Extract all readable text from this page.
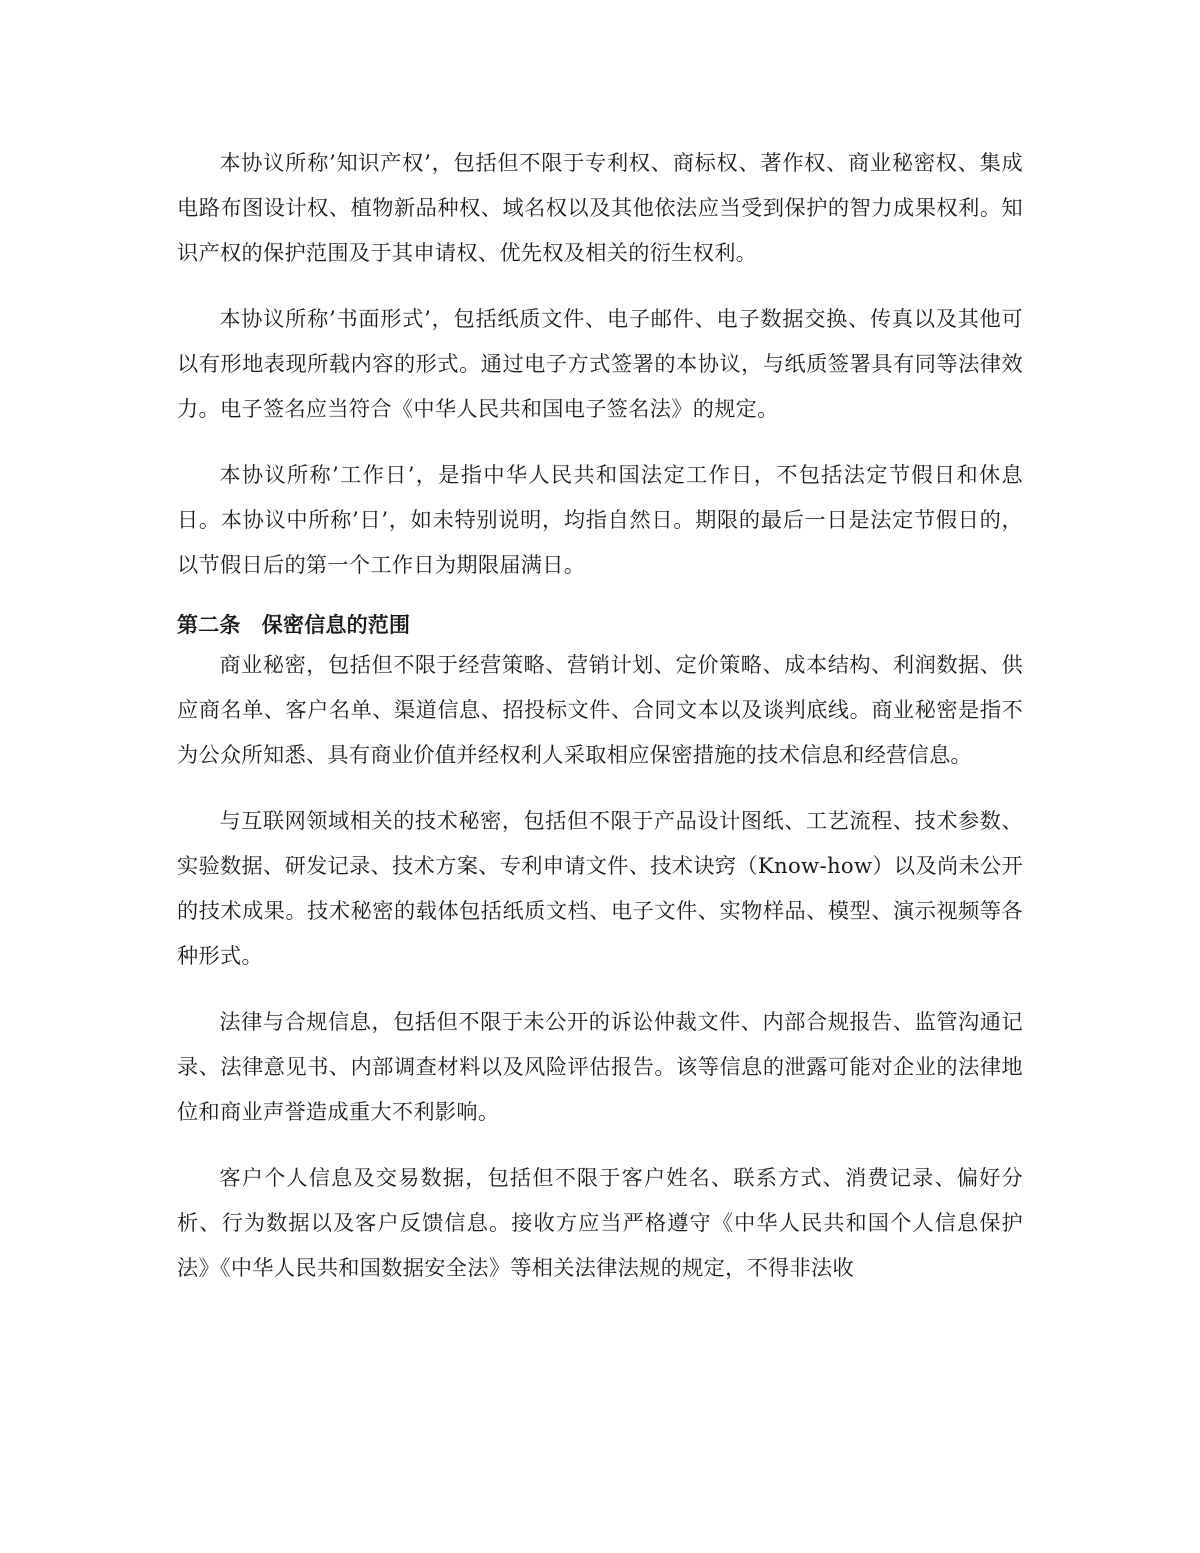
本协议所称’知识产权’，包括但不限于专利权、商标权、著作权、商业秘密权、集成电路布图设计权、植物新品种权、域名权以及其他依法应当受到保护的智力成果权利。知识产权的保护范围及于其申请权、优先权及相关的衍生权利。

本协议所称’书面形式’，包括纸质文件、电子邮件、电子数据交换、传真以及其他可以有形地表现所载内容的形式。通过电子方式签署的本协议，与纸质签署具有同等法律效力。电子签名应当符合《中华人民共和国电子签名法》的规定。

本协议所称’工作日’，是指中华人民共和国法定工作日，不包括法定节假日和休息日。本协议中所称’日’，如未特别说明，均指自然日。期限的最后一日是法定节假日的，以节假日后的第一个工作日为期限届满日。

第二条　保密信息的范围

商业秘密，包括但不限于经营策略、营销计划、定价策略、成本结构、利润数据、供应商名单、客户名单、渠道信息、招投标文件、合同文本以及谈判底线。商业秘密是指不为公众所知悉、具有商业价值并经权利人采取相应保密措施的技术信息和经营信息。

与互联网领域相关的技术秘密，包括但不限于产品设计图纸、工艺流程、技术参数、实验数据、研发记录、技术方案、专利申请文件、技术诀窍（Know-how）以及尚未公开的技术成果。技术秘密的载体包括纸质文档、电子文件、实物样品、模型、演示视频等各种形式。

法律与合规信息，包括但不限于未公开的诉讼仲裁文件、内部合规报告、监管沟通记录、法律意见书、内部调查材料以及风险评估报告。该等信息的泄露可能对企业的法律地位和商业声誉造成重大不利影响。

客户个人信息及交易数据，包括但不限于客户姓名、联系方式、消费记录、偏好分析、行为数据以及客户反馈信息。接收方应当严格遵守《中华人民共和国个人信息保护法》《中华人民共和国数据安全法》等相关法律法规的规定，不得非法收
